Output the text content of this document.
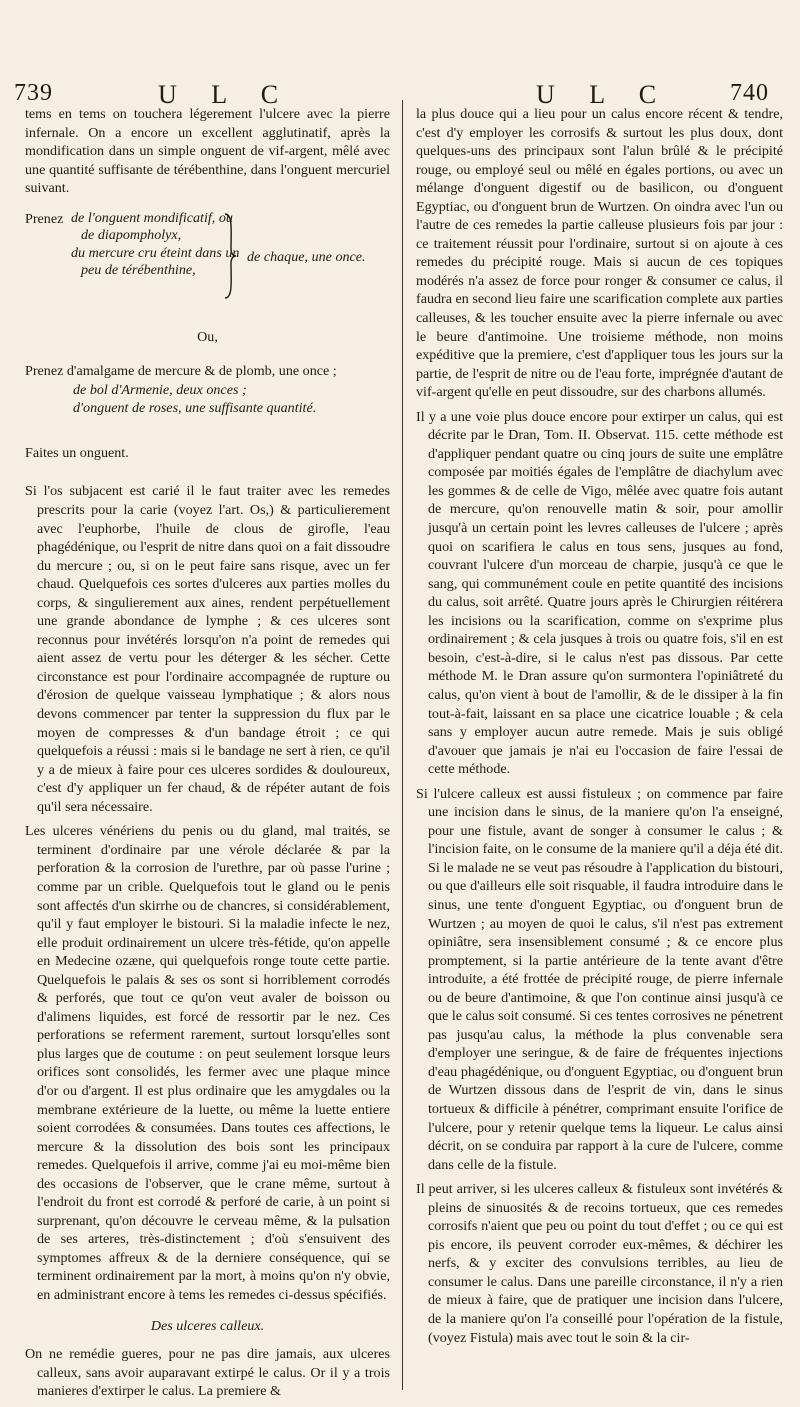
739	U L C	U L C 740

tems en tems on touchera légerement l'ulcere avec la pierre infernale. On a encore un excellent agglutinatif, après la mondification dans un simple onguent de vif-argent, mêlé avec une quantité suffisante de térébenthine, dans l'onguent mercuriel suivant.

Prenez de l'onguent mondificatif, ou de diapompholyx,
du mercure cru éteint dans un peu de térébenthine,
de chaque, une once.
Ou,
Prenez d'amalgame de mercure & de plomb, une once ;
de bol d'Armenie, deux onces ;
d'onguent de roses, une suffisante quantité.

Faites un onguent.

Si l'os subjacent est carié il le faut traiter avec les remedes prescrits pour la carie (voyez l'art. Os,) & particulierement avec l'euphorbe, l'huile de clous de girofle, l'eau phagédénique, ou l'esprit de nitre dans quoi on a fait dissoudre du mercure ; ou, si on le peut faire sans risque, avec un fer chaud. Quelquefois ces sortes d'ulceres aux parties molles du corps, & singulierement aux aines, rendent perpétuellement une grande abondance de lymphe ; & ces ulceres sont reconnus pour invétérés lorsqu'on n'a point de remedes qui aient assez de vertu pour les déterger & les sécher. Cette circonstance est pour l'ordinaire accompagnée de rupture ou d'érosion de quelque vaisseau lymphatique ; & alors nous devons commencer par tenter la suppression du flux par le moyen de compresses & d'un bandage étroit ; ce qui quelquefois a réussi : mais si le bandage ne sert à rien, ce qu'il y a de mieux à faire pour ces ulceres sordides & douloureux, c'est d'y appliquer un fer chaud, & de répéter autant de fois qu'il sera nécessaire.

Les ulceres vénériens du penis ou du gland, mal traités, se terminent d'ordinaire par une vérole déclarée & par la perforation & la corrosion de l'urethre, par où passe l'urine ; comme par un crible. Quelquefois tout le gland ou le penis sont affectés d'un skirrhe ou de chancres, si considérablement, qu'il y faut employer le bistouri. Si la maladie infecte le nez, elle produit ordinairement un ulcere très-fétide, qu'on appelle en Medecine ozæne, qui quelquefois ronge toute cette partie. Quelquefois le palais & ses os sont si horriblement corrodés & perforés, que tout ce qu'on veut avaler de boisson ou d'alimens liquides, est forcé de ressortir par le nez. Ces perforations se referment rarement, surtout lorsqu'elles sont plus larges que de coutume : on peut seulement lorsque leurs orifices sont consolidés, les fermer avec une plaque mince d'or ou d'argent. Il est plus ordinaire que les amygdales ou la membrane extérieure de la luette, ou même la luette entiere soient corrodées & consumées. Dans toutes ces affections, le mercure & la dissolution des bois sont les principaux remedes. Quelquefois il arrive, comme j'ai eu moi-même bien des occasions de l'observer, que le crane même, surtout à l'endroit du front est corrodé & perforé de carie, à un point si surprenant, qu'on découvre le cerveau même, & la pulsation de ses arteres, très-distinctement ; d'où s'ensuivent des symptomes affreux & de la derniere conséquence, qui se terminent ordinairement par la mort, à moins qu'on n'y obvie, en administrant encore à tems les remedes ci-dessus spécifiés.

Des ulceres calleux.

On ne remédie gueres, pour ne pas dire jamais, aux ulceres calleux, sans avoir auparavant extirpé le calus. Or il y a trois manieres d'extirper le calus. La premiere &

la plus douce qui a lieu pour un calus encore récent & tendre, c'est d'y employer les corrosifs & surtout les plus doux, dont quelques-uns des principaux sont l'alun brûlé & le précipité rouge, ou employé seul ou mêlé en égales portions, ou avec un mélange d'onguent digestif ou de basilicon, ou d'onguent Egyptiac, ou d'onguent brun de Wurtzen. On oindra avec l'un ou l'autre de ces remedes la partie calleuse plusieurs fois par jour : ce traitement réussit pour l'ordinaire, surtout si on ajoute à ces remedes du précipité rouge. Mais si aucun de ces topiques modérés n'a assez de force pour ronger & consumer ce calus, il faudra en second lieu faire une scarification complete aux parties calleuses, & les toucher ensuite avec la pierre infernale ou avec le beure d'antimoine. Une troisieme méthode, non moins expéditive que la premiere, c'est d'appliquer tous les jours sur la partie, de l'esprit de nitre ou de l'eau forte, imprégnée d'autant de vif-argent qu'elle en peut dissoudre, sur des charbons allumés.

Il y a une voie plus douce encore pour extirper un calus, qui est décrite par le Dran, Tom. II. Observat. 115. cette méthode est d'appliquer pendant quatre ou cinq jours de suite une emplâtre composée par moitiés égales de l'emplâtre de diachylum avec les gommes & de celle de Vigo, mêlée avec quatre fois autant de mercure, qu'on renouvelle matin & soir, pour amollir jusqu'à un certain point les levres calleuses de l'ulcere ; après quoi on scarifiera le calus en tous sens, jusques au fond, couvrant l'ulcere d'un morceau de charpie, jusqu'à ce que le sang, qui communément coule en petite quantité des incisions du calus, soit arrêté. Quatre jours après le Chirurgien réitérera les incisions ou la scarification, comme on s'exprime plus ordinairement ; & cela jusques à trois ou quatre fois, s'il en est besoin, c'est-à-dire, si le calus n'est pas dissous. Par cette méthode M. le Dran assure qu'on surmontera l'opiniâtreté du calus, qu'on vient à bout de l'amollir, & de le dissiper à la fin tout-à-fait, laissant en sa place une cicatrice louable ; & cela sans y employer aucun autre remede. Mais je suis obligé d'avouer que jamais je n'ai eu l'occasion de faire l'essai de cette méthode.

Si l'ulcere calleux est aussi fistuleux ; on commence par faire une incision dans le sinus, de la maniere qu'on l'a enseigné, pour une fistule, avant de songer à consumer le calus ; & l'incision faite, on le consume de la maniere qu'il a déja été dit. Si le malade ne se veut pas résoudre à l'application du bistouri, ou que d'ailleurs elle soit risquable, il faudra introduire dans le sinus, une tente d'onguent Egyptiac, ou d'onguent brun de Wurtzen ; au moyen de quoi le calus, s'il n'est pas extrement opiniâtre, sera insensiblement consumé ; & ce encore plus promptement, si la partie antérieure de la tente avant d'être introduite, a été frottée de précipité rouge, de pierre infernale ou de beure d'antimoine, & que l'on continue ainsi jusqu'à ce que le calus soit consumé. Si ces tentes corrosives ne pénetrent pas jusqu'au calus, la méthode la plus convenable sera d'employer une seringue, & de faire de fréquentes injections d'eau phagédénique, ou d'onguent Egyptiac, ou d'onguent brun de Wurtzen dissous dans de l'esprit de vin, dans le sinus tortueux & difficile à pénétrer, comprimant ensuite l'orifice de l'ulcere, pour y retenir quelque tems la liqueur. Le calus ainsi décrit, on se conduira par rapport à la cure de l'ulcere, comme dans celle de la fistule.

Il peut arriver, si les ulceres calleux & fistuleux sont invétérés & pleins de sinuosités & de recoins tortueux, que ces remedes corrosifs n'aient que peu ou point du tout d'effet ; ou ce qui est pis encore, ils peuvent corroder eux-mêmes, & déchirer les nerfs, & y exciter des convulsions terribles, au lieu de consumer le calus. Dans une pareille circonstance, il n'y a rien de mieux à faire, que de pratiquer une incision dans l'ulcere, de la maniere qu'on l'a conseillé pour l'opération de la fistule, (voyez Fistula) mais avec tout le soin & la cir-
